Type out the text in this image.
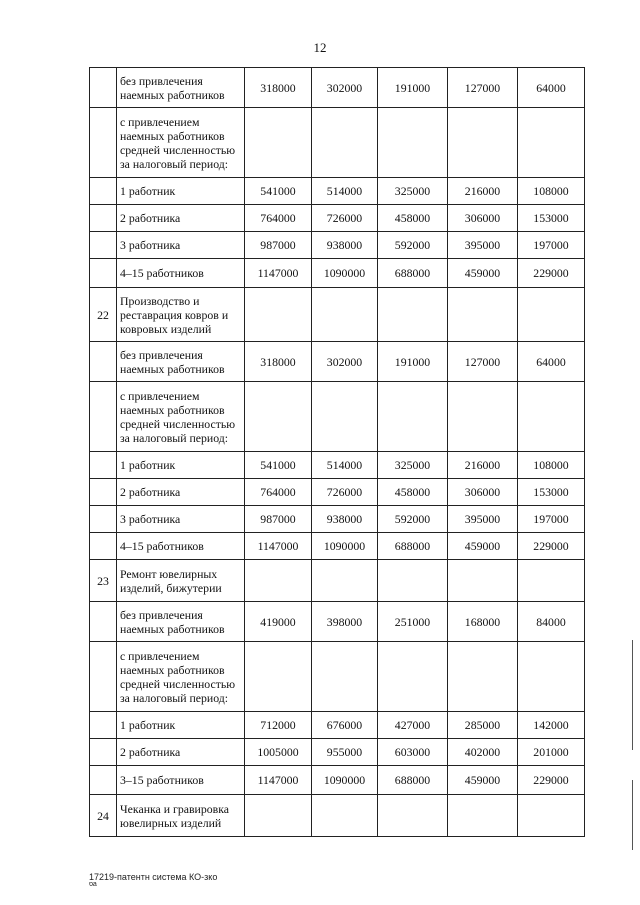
12
	без привлечения наемных работников	318000	302000	191000	127000	64000
	с привлечением наемных работников средней численностью за налоговый период:					
	1 работник	541000	514000	325000	216000	108000
	2 работника	764000	726000	458000	306000	153000
	3 работника	987000	938000	592000	395000	197000
	4–15 работников	1147000	1090000	688000	459000	229000
22	Производство и реставрация ковров и ковровых изделий					
	без привлечения наемных работников	318000	302000	191000	127000	64000
	с привлечением наемных работников средней численностью за налоговый период:					
	1 работник	541000	514000	325000	216000	108000
	2 работника	764000	726000	458000	306000	153000
	3 работника	987000	938000	592000	395000	197000
	4–15 работников	1147000	1090000	688000	459000	229000
23	Ремонт ювелирных изделий, бижутерии					
	без привлечения наемных работников	419000	398000	251000	168000	84000
	с привлечением наемных работников средней численностью за налоговый период:					
	1 работник	712000	676000	427000	285000	142000
	2 работника	1005000	955000	603000	402000	201000
	3–15 работников	1147000	1090000	688000	459000	229000
24	Чеканка и гравировка ювелирных изделий					
17219-патентн система КО-зко
ба
